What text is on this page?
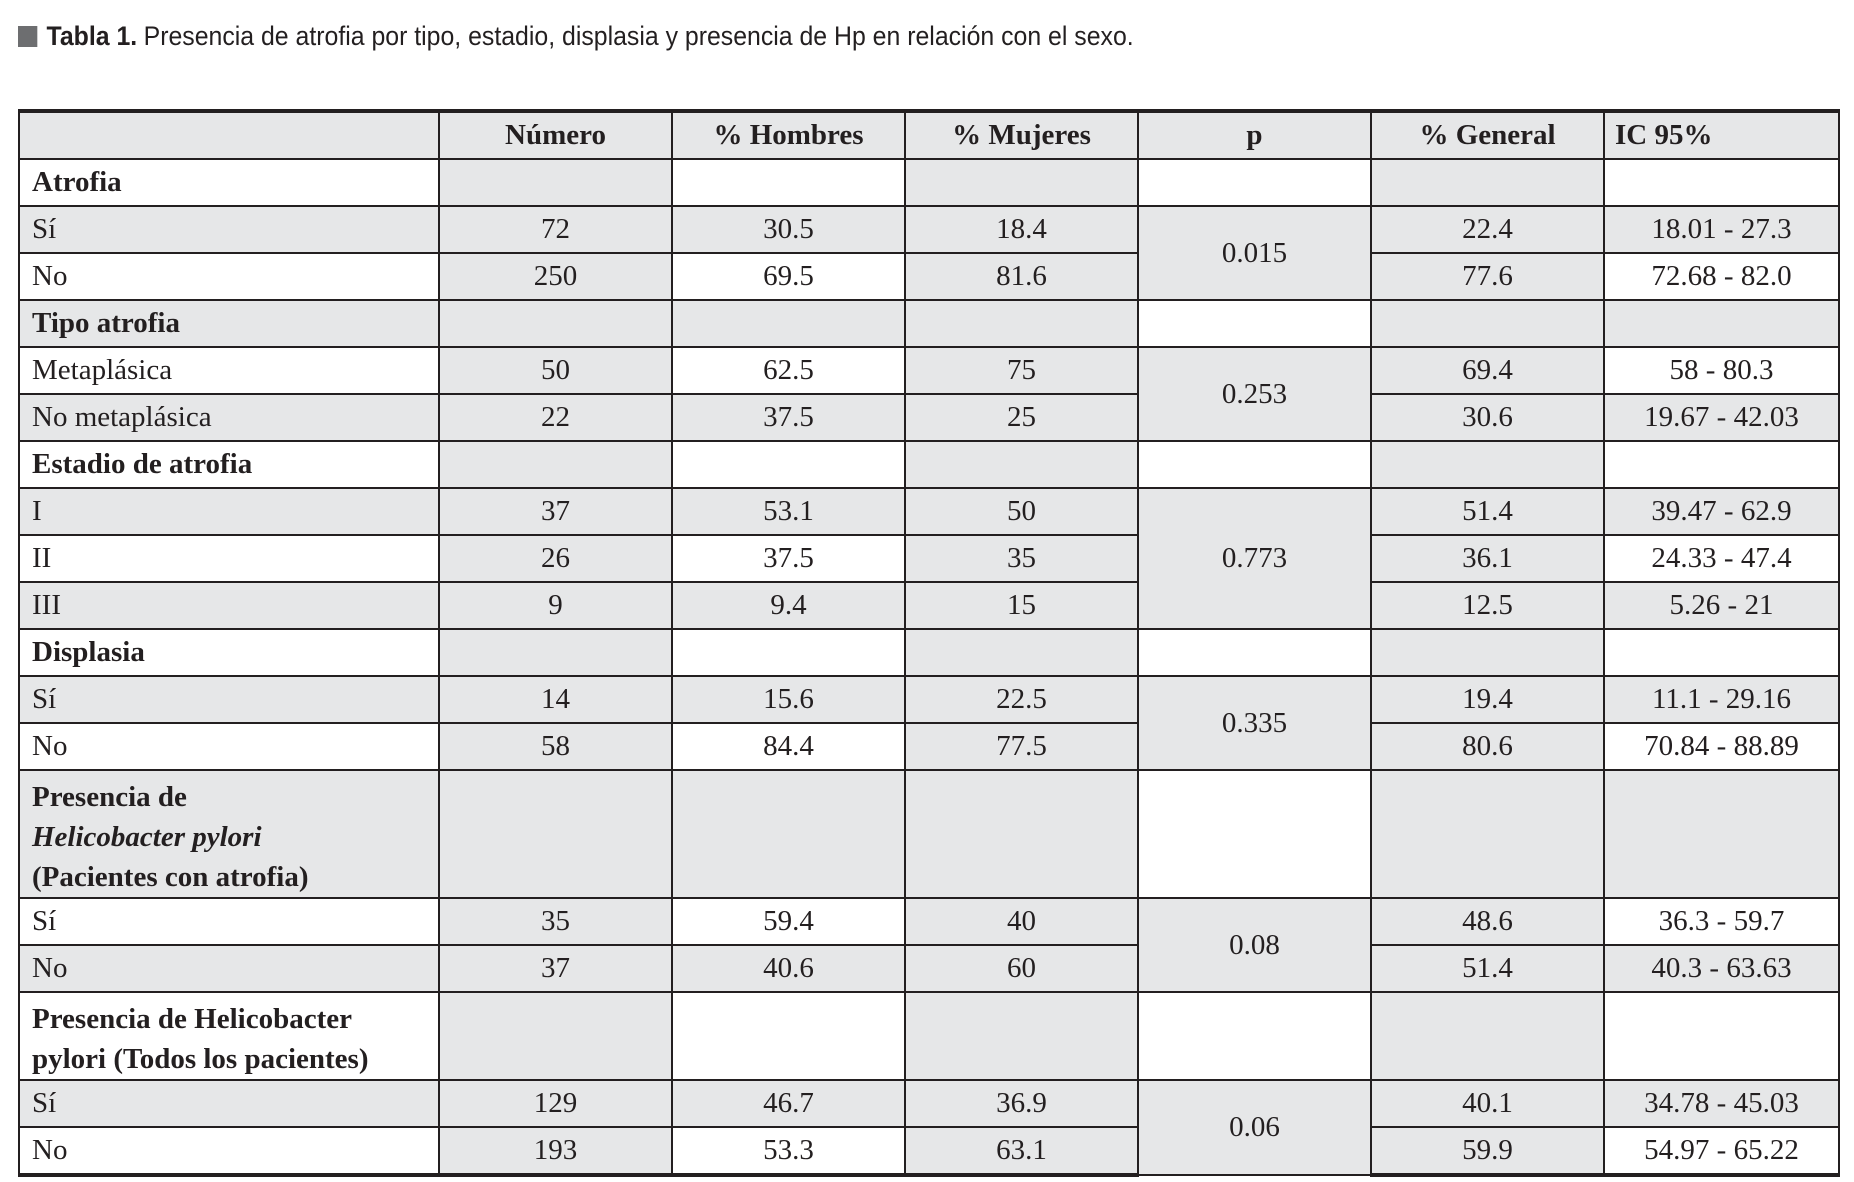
Tabla 1. Presencia de atrofia por tipo, estadio, displasia y presencia de Hp en relación con el sexo.
	Número	% Hombres	% Mujeres	p	% General	IC 95%
Atrofia						
Sí	72	30.5	18.4	0.015	22.4	18.01 - 27.3
No	250	69.5	81.6		77.6	72.68 - 82.0
Tipo atrofia						
Metaplásica	50	62.5	75	0.253	69.4	58 - 80.3
No metaplásica	22	37.5	25		30.6	19.67 - 42.03
Estadio de atrofia						
I	37	53.1	50	0.773	51.4	39.47 - 62.9
II	26	37.5	35		36.1	24.33 - 47.4
III	9	9.4	15		12.5	5.26 - 21
Displasia						
Sí	14	15.6	22.5	0.335	19.4	11.1 - 29.16
No	58	84.4	77.5		80.6	70.84 - 88.89
Presencia de
Helicobacter pylori
(Pacientes con atrofia)						
Sí	35	59.4	40	0.08	48.6	36.3 - 59.7
No	37	40.6	60		51.4	40.3 - 63.63
Presencia de Helicobacter
pylori (Todos los pacientes)						
Sí	129	46.7	36.9	0.06	40.1	34.78 - 45.03
No	193	53.3	63.1		59.9	54.97 - 65.22
